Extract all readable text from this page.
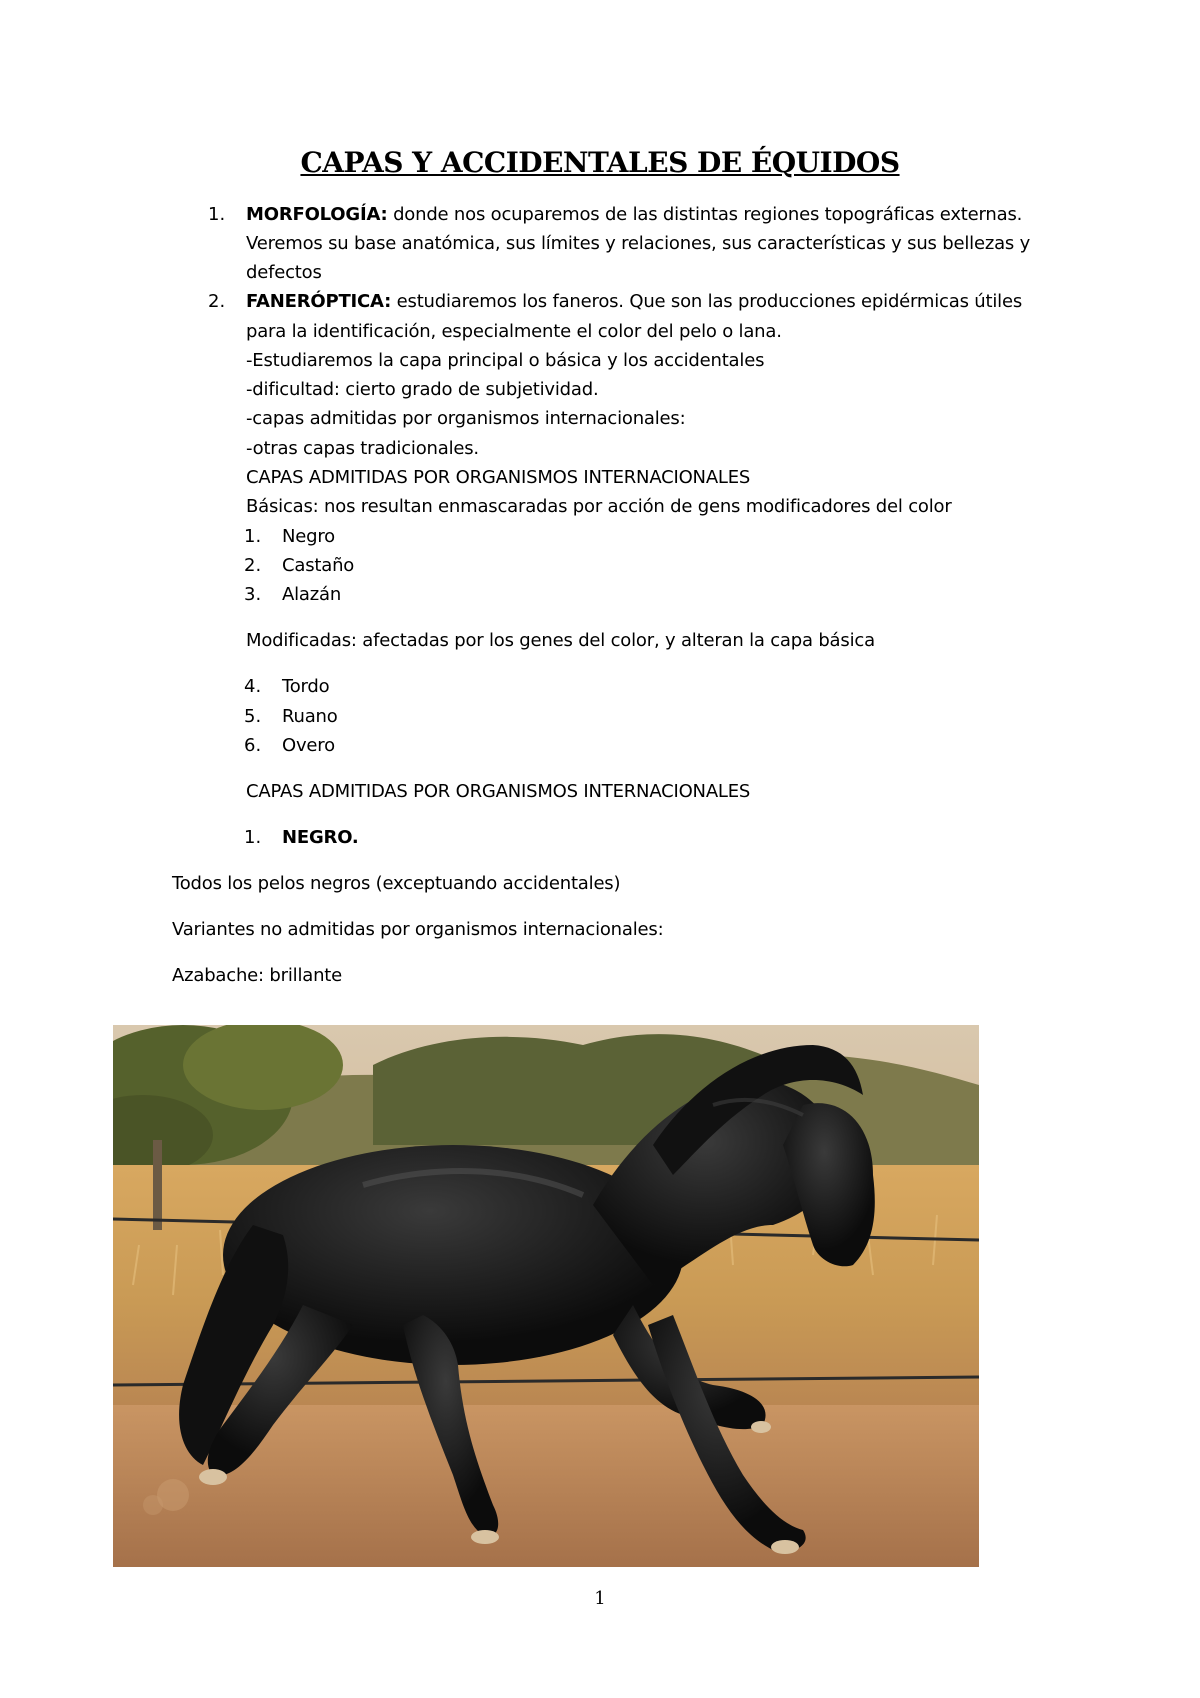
CAPAS Y ACCIDENTALES DE ÉQUIDOS
1. MORFOLOGÍA: donde nos ocuparemos de las distintas regiones topográficas externas.
Veremos su base anatómica, sus límites y relaciones, sus características y sus bellezas y
defectos
2. FANERÓPTICA: estudiaremos los faneros. Que son las producciones epidérmicas útiles
para la identificación, especialmente el color del pelo o lana.
-Estudiaremos la capa principal o básica y los accidentales
-dificultad: cierto grado de subjetividad.
-capas admitidas por organismos internacionales:
-otras capas tradicionales.
CAPAS ADMITIDAS POR ORGANISMOS INTERNACIONALES
Básicas: nos resultan enmascaradas por acción de gens modificadores del color
1. Negro
2. Castaño
3. Alazán
Modificadas: afectadas por los genes del color, y alteran la capa básica
4. Tordo
5. Ruano
6. Overo
CAPAS ADMITIDAS POR ORGANISMOS INTERNACIONALES
1. NEGRO.
Todos los pelos negros (exceptuando accidentales)
Variantes no admitidas por organismos internacionales:
Azabache: brillante
1
